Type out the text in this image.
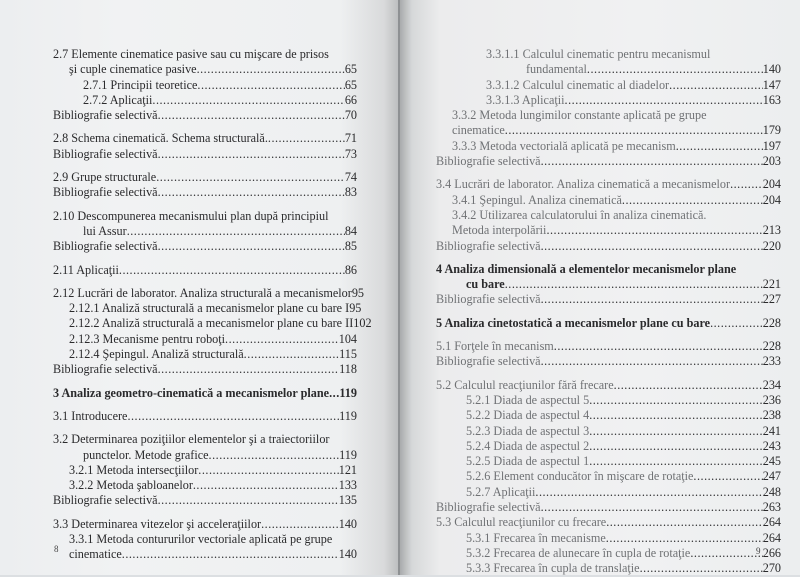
2.7 Elemente cinematice pasive sau cu mişcare de prisos
şi cuple cinematice pasive .....	65
2.7.1 Principii teoretice .....	65
2.7.2 Aplicaţii .....	66
Bibliografie selectivă .....	70
2.8 Schema cinematică. Schema structurală. .....	71
Bibliografie selectivă .....	73
2.9 Grupe structurale .....	74
Bibliografie selectivă .....	83
2.10 Descompunerea mecanismului plan după principiul
lui Assur .....	84
Bibliografie selectivă .....	85
2.11 Aplicaţii .....	86
2.12 Lucrări de laborator. Analiza structurală a mecanismelor 95
2.12.1 Analiză structurală a mecanismelor plane cu bare I 95
2.12.2 Analiză structurală a mecanismelor plane cu bare II 102
2.12.3 Mecanisme pentru roboţi .....	104
2.12.4 Şepingul. Analiză structurală .....	115
Bibliografie selectivă .....	118
3 Analiza geometro-cinematică a mecanismelor plane ..... 119
3.1 Introducere .....	119
3.2 Determinarea poziţiilor elementelor şi a traiectoriilor
punctelor. Metode grafice .....	119
3.2.1 Metoda intersecţiilor .....	121
3.2.2 Metoda şabloanelor .....	133
Bibliografie selectivă .....	135
3.3 Determinarea vitezelor şi acceleraţiilor .....	140
3.3.1 Metoda contururilor vectoriale aplicată pe grupe
cinematice .....	140
8
3.3.1.1 Calculul cinematic pentru mecanismul
fundamental .....	140
3.3.1.2 Calculul cinematic al diadelor .....	147
3.3.1.3 Aplicaţii .....	163
3.3.2 Metoda lungimilor constante aplicată pe grupe
cinematice .....	179
3.3.3 Metoda vectorială aplicată pe mecanism .....	197
Bibliografie selectivă .....	203
3.4 Lucrări de laborator. Analiza cinematică a mecanismelor .....	204
3.4.1 Şepingul. Analiza cinematică .....	204
3.4.2 Utilizarea calculatorului în analiza cinematică.
Metoda interpolării .....	213
Bibliografie selectivă .....	220
4 Analiza dimensională a elementelor mecanismelor plane
cu bare .....	221
Bibliografie selectivă .....	227
5 Analiza cinetostatică a mecanismelor plane cu bare .....	228
5.1 Forţele în mecanism .....	228
Bibliografie selectivă .....	233
5.2 Calculul reacţiunilor fără frecare .....	234
5.2.1 Diada de aspectul 5 .....	236
5.2.2 Diada de aspectul 4 .....	238
5.2.3 Diada de aspectul 3 .....	241
5.2.4 Diada de aspectul 2 .....	243
5.2.5 Diada de aspectul 1 .....	245
5.2.6 Element conducător în mişcare de rotaţie .....	247
5.2.7 Aplicaţii .....	248
Bibliografie selectivă .....	263
5.3 Calculul reacţiunilor cu frecare .....	264
5.3.1 Frecarea în mecanisme .....	264
5.3.2 Frecarea de alunecare în cupla de rotaţie .....	266
5.3.3 Frecarea în cupla de translaţie .....	270
9
